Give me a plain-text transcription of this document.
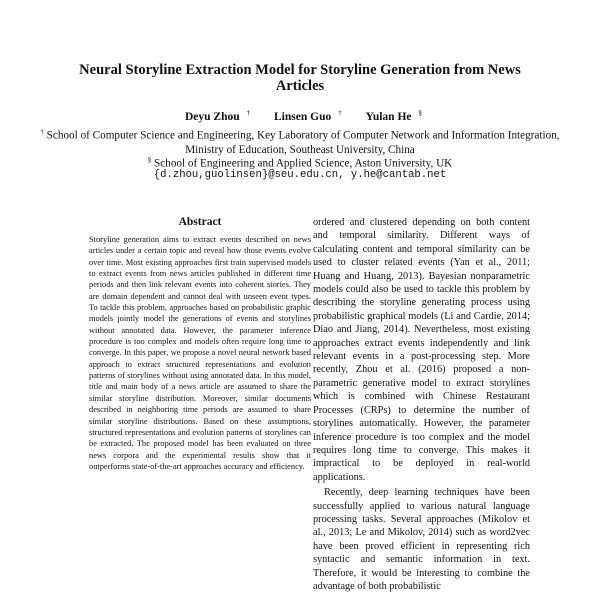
Neural Storyline Extraction Model for Storyline Generation from News Articles
Deyu Zhou † Linsen Guo † Yulan He §
† School of Computer Science and Engineering, Key Laboratory of Computer Network and Information Integration, Ministry of Education, Southeast University, China
§ School of Engineering and Applied Science, Aston University, UK
{d.zhou,guolinsen}@seu.edu.cn, y.he@cantab.net
Abstract
Storyline generation aims to extract events described on news articles under a certain topic and reveal how those events evolve over time. Most existing approaches first train supervised models to extract events from news articles published in different time periods and then link relevant events into coherent stories. They are domain dependent and cannot deal with unseen event types. To tackle this problem, approaches based on probabilistic graphic models jointly model the generations of events and storylines without annotated data. However, the parameter inference procedure is too complex and models often require long time to converge. In this paper, we propose a novel neural network based approach to extract structured representations and evolution patterns of storylines without using annotated data. In this model, title and main body of a news article are assumed to share the similar storyline distribution. Moreover, similar documents described in neighboring time periods are assumed to share similar storyline distributions. Based on these assumptions, structured representations and evolution patterns of storylines can be extracted. The proposed model has been evaluated on three news corpora and the experimental results show that it outperforms state-of-the-art approaches accuracy and efficiency.

ordered and clustered depending on both content and temporal similarity. Different ways of calculating content and temporal similarity can be used to cluster related events (Yan et al., 2011; Huang and Huang, 2013). Bayesian nonparametric models could also be used to tackle this problem by describing the storyline generating process using probabilistic graphical models (Li and Cardie, 2014; Diao and Jiang, 2014). Nevertheless, most existing approaches extract events independently and link relevant events in a post-processing step. More recently, Zhou et al. (2016) proposed a non-parametric generative model to extract storylines which is combined with Chinese Restaurant Processes (CRPs) to determine the number of storylines automatically. However, the parameter inference procedure is too complex and the model requires long time to converge. This makes it impractical to be deployed in real-world applications.

Recently, deep learning techniques have been successfully applied to various natural language processing tasks. Several approaches (Mikolov et al., 2013; Le and Mikolov, 2014) such as word2vec have been proved efficient in representing rich syntactic and semantic information in text. Therefore, it would be interesting to combine the advantage of both probabilistic
